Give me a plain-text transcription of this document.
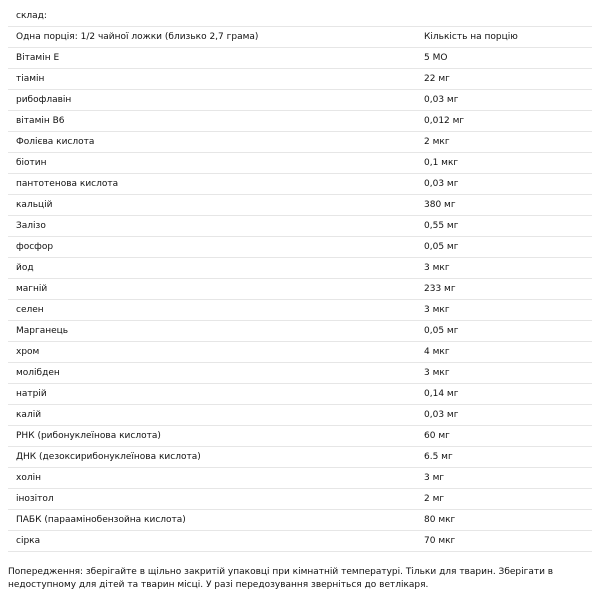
склад:
Одна порція: 1/2 чайної ложки (близько 2,7 грама)	Кількість на порцію
Вітамін Е	5 МО
тіамін	22 мг
рибофлавін	0,03 мг
вітамін В6	0,012 мг
Фолієва кислота	2 мкг
біотин	0,1 мкг
пантотенова кислота	0,03 мг
кальцій	380 мг
Залізо	0,55 мг
фосфор	0,05 мг
йод	3 мкг
магній	233 мг
селен	3 мкг
Марганець	0,05 мг
хром	4 мкг
молібден	3 мкг
натрій	0,14 мг
калій	0,03 мг
РНК (рибонуклеїнова кислота)	60 мг
ДНК (дезоксирибонуклеїнова кислота)	6.5 мг
холін	3 мг
інозітол	2 мг
ПАБК (параамінобензойна кислота)	80 мкг
сірка	70 мкг
Попередження: зберігайте в щільно закритій упаковці при кімнатній температурі. Тільки для тварин. Зберігати в недоступному для дітей та тварин місці. У разі передозування зверніться до ветлікаря.
